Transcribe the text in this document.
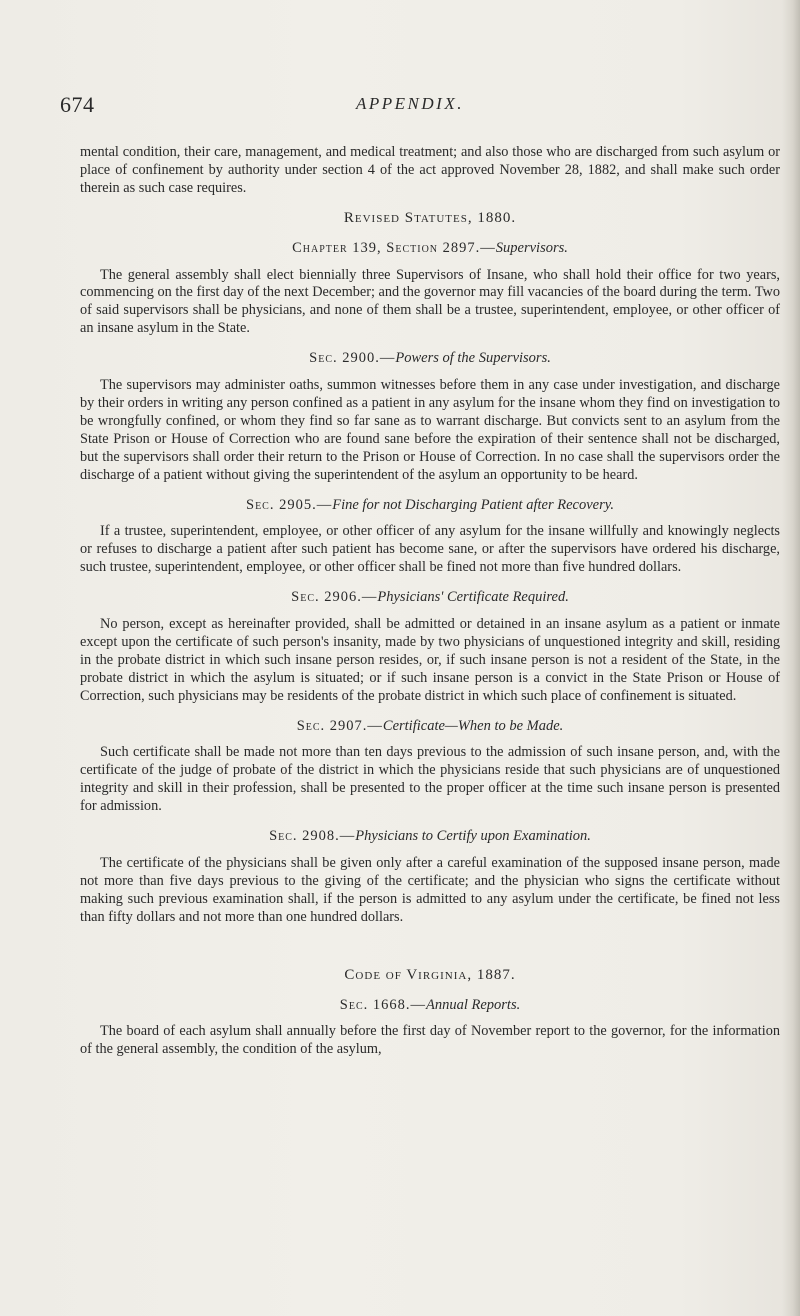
674	APPENDIX.

mental condition, their care, management, and medical treatment; and also those who are discharged from such asylum or place of confinement by authority under section 4 of the act approved November 28, 1882, and shall make such order therein as such case requires.

Revised Statutes, 1880.
Chapter 139, Section 2897.—Supervisors.

The general assembly shall elect biennially three Supervisors of Insane, who shall hold their office for two years, commencing on the first day of the next December; and the governor may fill vacancies of the board during the term. Two of said supervisors shall be physicians, and none of them shall be a trustee, superintendent, employee, or other officer of an insane asylum in the State.

Sec. 2900.—Powers of the Supervisors.

The supervisors may administer oaths, summon witnesses before them in any case under investigation, and discharge by their orders in writing any person confined as a patient in any asylum for the insane whom they find on investigation to be wrongfully confined, or whom they find so far sane as to warrant discharge. But convicts sent to an asylum from the State Prison or House of Correction who are found sane before the expiration of their sentence shall not be discharged, but the supervisors shall order their return to the Prison or House of Correction. In no case shall the supervisors order the discharge of a patient without giving the superintendent of the asylum an opportunity to be heard.

Sec. 2905.—Fine for not Discharging Patient after Recovery.

If a trustee, superintendent, employee, or other officer of any asylum for the insane willfully and knowingly neglects or refuses to discharge a patient after such patient has become sane, or after the supervisors have ordered his discharge, such trustee, superintendent, employee, or other officer shall be fined not more than five hundred dollars.

Sec. 2906.—Physicians' Certificate Required.

No person, except as hereinafter provided, shall be admitted or detained in an insane asylum as a patient or inmate except upon the certificate of such person's insanity, made by two physicians of unquestioned integrity and skill, residing in the probate district in which such insane person resides, or, if such insane person is not a resident of the State, in the probate district in which the asylum is situated; or if such insane person is a convict in the State Prison or House of Correction, such physicians may be residents of the probate district in which such place of confinement is situated.

Sec. 2907.—Certificate—When to be Made.

Such certificate shall be made not more than ten days previous to the admission of such insane person, and, with the certificate of the judge of probate of the district in which the physicians reside that such physicians are of unquestioned integrity and skill in their profession, shall be presented to the proper officer at the time such insane person is presented for admission.

Sec. 2908.—Physicians to Certify upon Examination.

The certificate of the physicians shall be given only after a careful examination of the supposed insane person, made not more than five days previous to the giving of the certificate; and the physician who signs the certificate without making such previous examination shall, if the person is admitted to any asylum under the certificate, be fined not less than fifty dollars and not more than one hundred dollars.

Code of Virginia, 1887.
Sec. 1668.—Annual Reports.

The board of each asylum shall annually before the first day of November report to the governor, for the information of the general assembly, the condition of the asylum,
